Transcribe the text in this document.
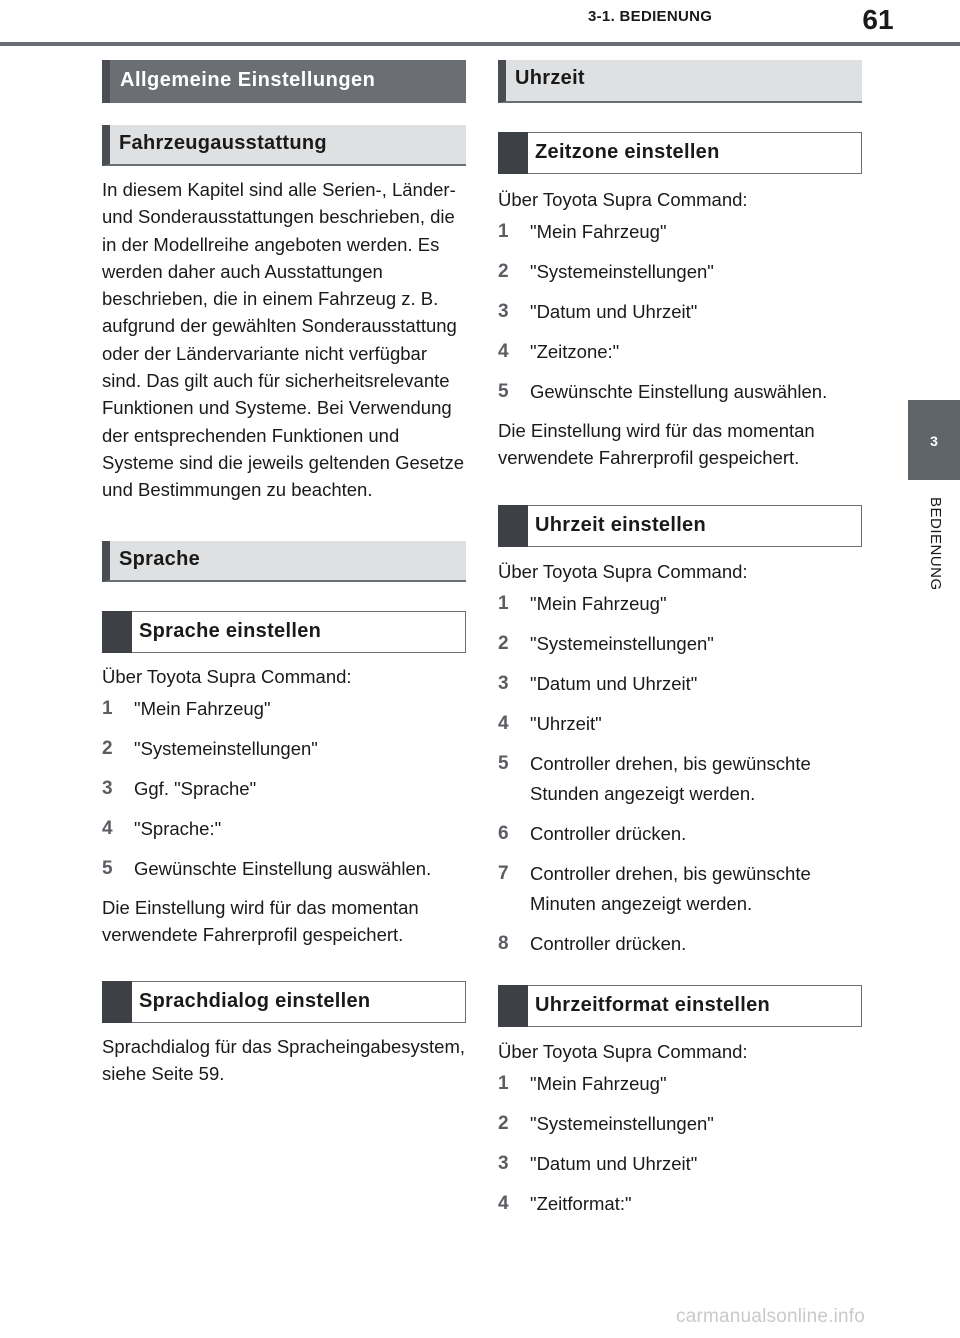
3-1. BEDIENUNG	61
3
BEDIENUNG
Allgemeine Einstellungen
Fahrzeugausstattung

In diesem Kapitel sind alle Serien-, Länder- und Sonderausstattungen beschrieben, die in der Modellreihe angeboten werden. Es werden daher auch Ausstattungen beschrieben, die in einem Fahrzeug z. B. aufgrund der gewählten Sonderausstattung oder der Ländervariante nicht verfügbar sind. Das gilt auch für sicherheitsrelevante Funktionen und Systeme. Bei Verwendung der entsprechenden Funktionen und Systeme sind die jeweils geltenden Gesetze und Bestimmungen zu beachten.

Sprache
Sprache einstellen

Über Toyota Supra Command:

1 "Mein Fahrzeug"
2 "Systemeinstellungen"
3 Ggf. "Sprache"
4 "Sprache:"
5 Gewünschte Einstellung auswählen.

Die Einstellung wird für das momentan verwendete Fahrerprofil gespeichert.

Sprachdialog einstellen

Sprachdialog für das Spracheingabesystem, siehe Seite 59.

Uhrzeit
Zeitzone einstellen

Über Toyota Supra Command:

1 "Mein Fahrzeug"
2 "Systemeinstellungen"
3 "Datum und Uhrzeit"
4 "Zeitzone:"
5 Gewünschte Einstellung auswählen.

Die Einstellung wird für das momentan verwendete Fahrerprofil gespeichert.

Uhrzeit einstellen

Über Toyota Supra Command:

1 "Mein Fahrzeug"
2 "Systemeinstellungen"
3 "Datum und Uhrzeit"
4 "Uhrzeit"
5 Controller drehen, bis gewünschte Stunden angezeigt werden.
6 Controller drücken.
7 Controller drehen, bis gewünschte Minuten angezeigt werden.
8 Controller drücken.
Uhrzeitformat einstellen

Über Toyota Supra Command:

1 "Mein Fahrzeug"
2 "Systemeinstellungen"
3 "Datum und Uhrzeit"
4 "Zeitformat:"
carmanualsonline.info
